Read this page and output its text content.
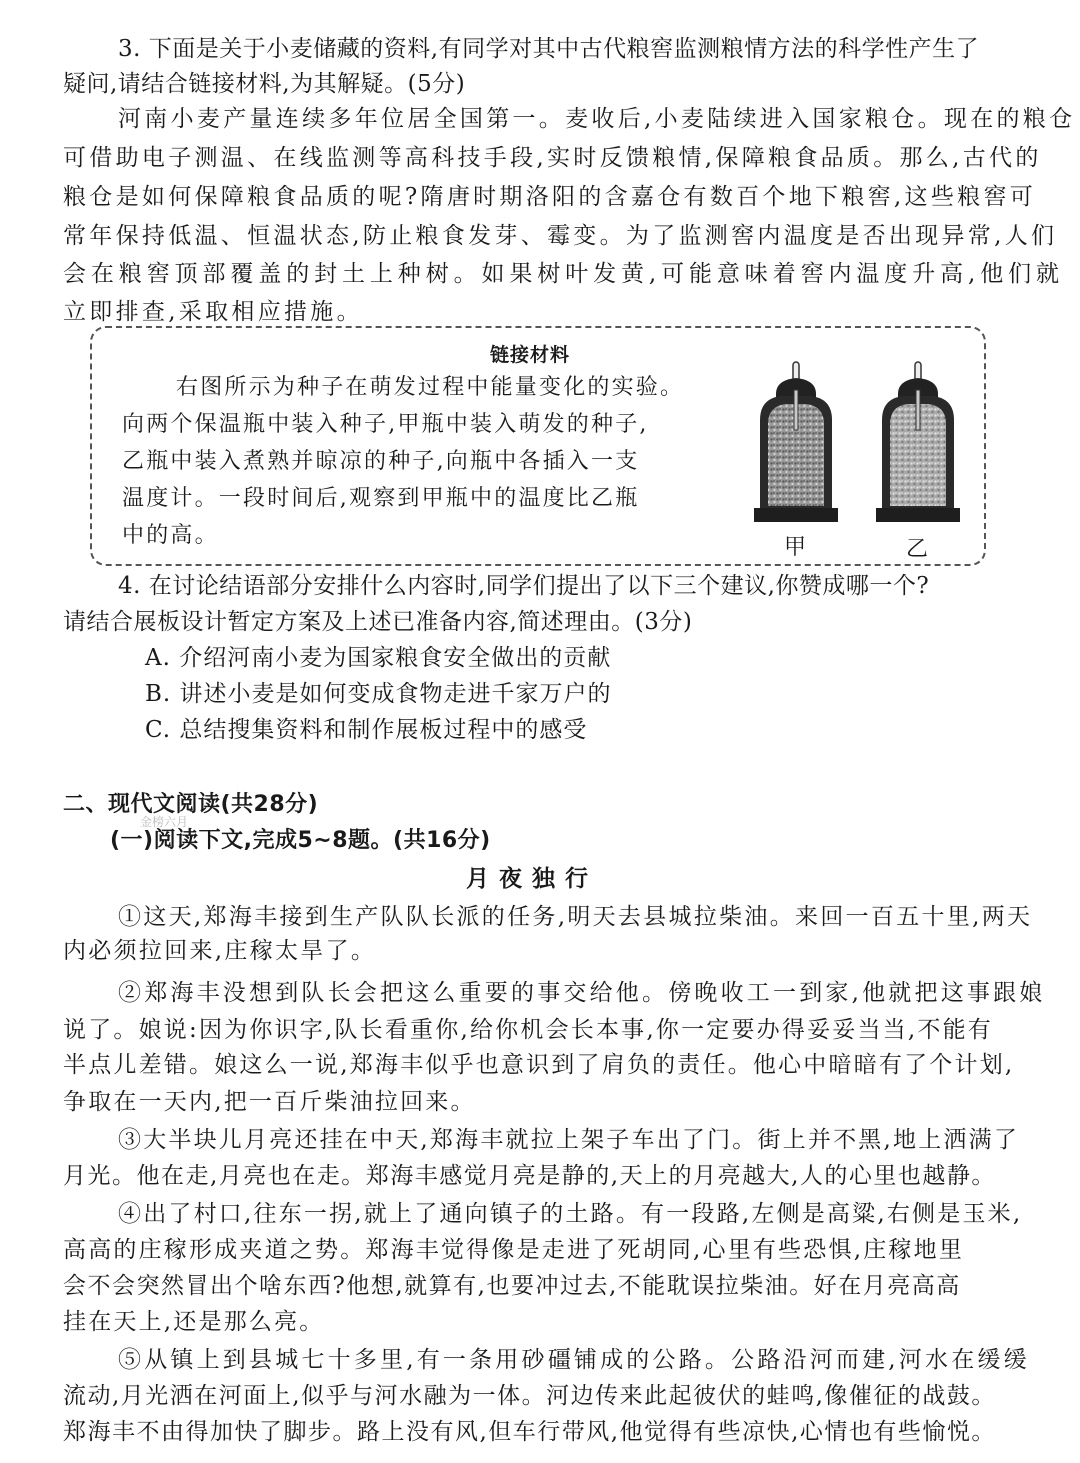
3. 下面是关于小麦储藏的资料,有同学对其中古代粮窖监测粮情方法的科学性产生了
疑问,请结合链接材料,为其解疑。(5分)
河南小麦产量连续多年位居全国第一。麦收后,小麦陆续进入国家粮仓。现在的粮仓
可借助电子测温、在线监测等高科技手段,实时反馈粮情,保障粮食品质。那么,古代的
粮仓是如何保障粮食品质的呢?隋唐时期洛阳的含嘉仓有数百个地下粮窖,这些粮窖可
常年保持低温、恒温状态,防止粮食发芽、霉变。为了监测窖内温度是否出现异常,人们
会在粮窖顶部覆盖的封土上种树。如果树叶发黄,可能意味着窖内温度升高,他们就
立即排查,采取相应措施。
链接材料
右图所示为种子在萌发过程中能量变化的实验。
向两个保温瓶中装入种子,甲瓶中装入萌发的种子,
乙瓶中装入煮熟并晾凉的种子,向瓶中各插入一支
温度计。一段时间后,观察到甲瓶中的温度比乙瓶
中的高。	甲	乙
4. 在讨论结语部分安排什么内容时,同学们提出了以下三个建议,你赞成哪一个?
请结合展板设计暂定方案及上述已准备内容,简述理由。(3分)
A. 介绍河南小麦为国家粮食安全做出的贡献
B. 讲述小麦是如何变成食物走进千家万户的
C. 总结搜集资料和制作展板过程中的感受
二、现代文阅读(共28分)
金榜六月
(一)阅读下文,完成5~8题。(共16分)
月 夜 独 行
①这天,郑海丰接到生产队队长派的任务,明天去县城拉柴油。来回一百五十里,两天
内必须拉回来,庄稼太旱了。
②郑海丰没想到队长会把这么重要的事交给他。傍晚收工一到家,他就把这事跟娘
说了。娘说:因为你识字,队长看重你,给你机会长本事,你一定要办得妥妥当当,不能有
半点儿差错。娘这么一说,郑海丰似乎也意识到了肩负的责任。他心中暗暗有了个计划,
争取在一天内,把一百斤柴油拉回来。
③大半块儿月亮还挂在中天,郑海丰就拉上架子车出了门。街上并不黑,地上洒满了
月光。他在走,月亮也在走。郑海丰感觉月亮是静的,天上的月亮越大,人的心里也越静。
④出了村口,往东一拐,就上了通向镇子的土路。有一段路,左侧是高粱,右侧是玉米,
高高的庄稼形成夹道之势。郑海丰觉得像是走进了死胡同,心里有些恐惧,庄稼地里
会不会突然冒出个啥东西?他想,就算有,也要冲过去,不能耽误拉柴油。好在月亮高高
挂在天上,还是那么亮。
⑤从镇上到县城七十多里,有一条用砂礓铺成的公路。公路沿河而建,河水在缓缓
流动,月光洒在河面上,似乎与河水融为一体。河边传来此起彼伏的蛙鸣,像催征的战鼓。
郑海丰不由得加快了脚步。路上没有风,但车行带风,他觉得有些凉快,心情也有些愉悦。
